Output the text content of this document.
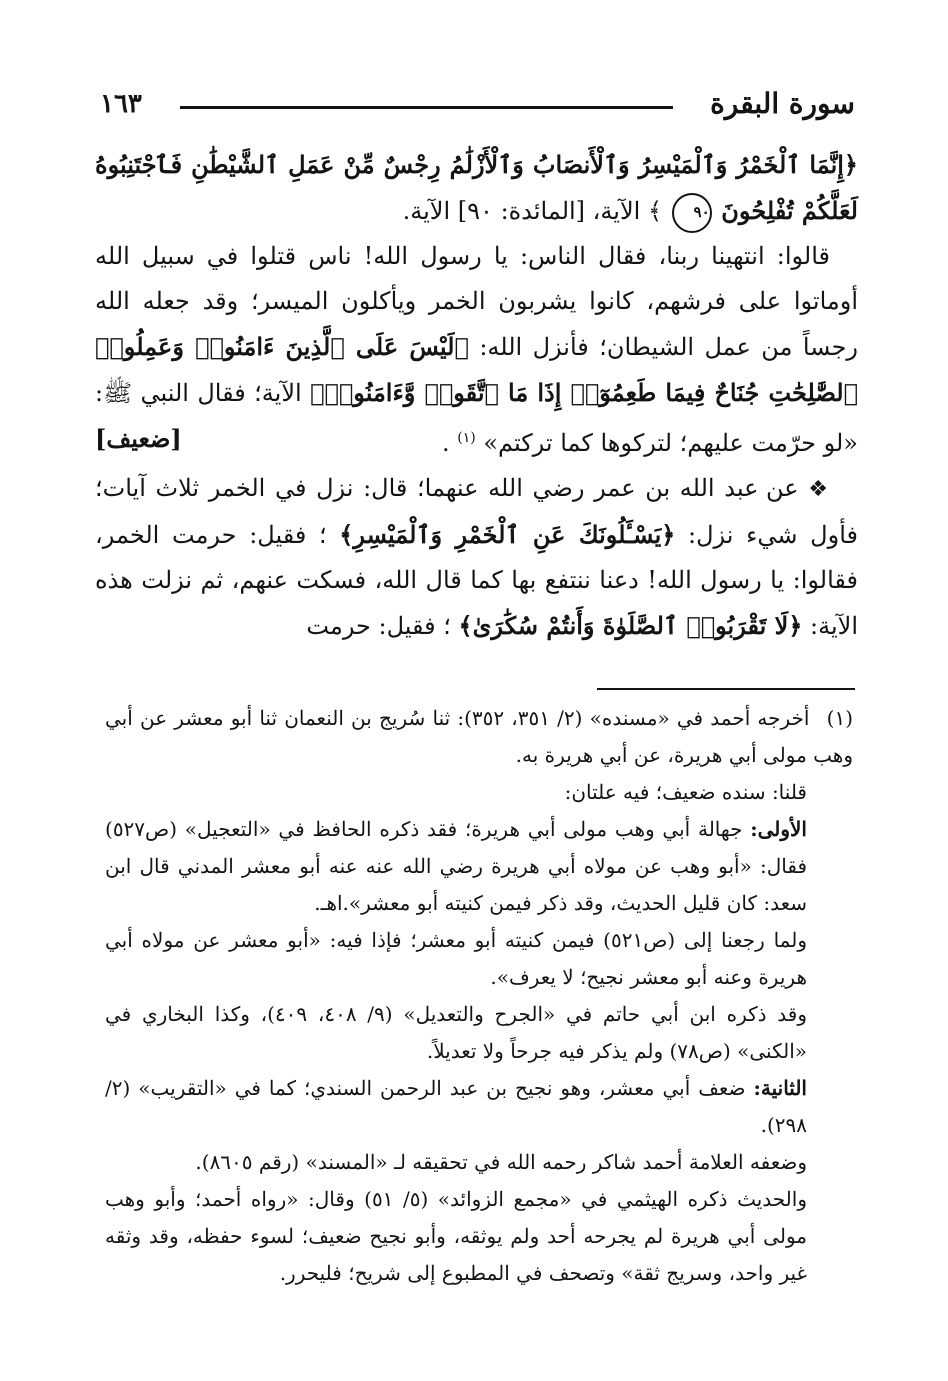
سورة البقرة
١٦٣

﴿إِنَّمَا ٱلْخَمْرُ وَٱلْمَيْسِرُ وَٱلْأَنصَابُ وَٱلْأَزْلَٰمُ رِجْسٌ مِّنْ عَمَلِ ٱلشَّيْطَٰنِ فَٱجْتَنِبُوهُ لَعَلَّكُمْ تُفْلِحُونَ ٩٠ ﴾ الآية، [المائدة: ٩٠] الآية.

قالوا: انتهينا ربنا، فقال الناس: يا رسول الله! ناس قتلوا في سبيل الله أوماتوا على فرشهم، كانوا يشربون الخمر ويأكلون الميسر؛ وقد جعله الله رجساً من عمل الشيطان؛ فأنزل الله: ﴿لَيْسَ عَلَى ٱلَّذِينَ ءَامَنُوا۟ وَعَمِلُوا۟ ٱلصَّٰلِحَٰتِ جُنَاحٌ فِيمَا طَعِمُوٓا۟ إِذَا مَا ٱتَّقَوا۟ وَّءَامَنُوا۟﴾ الآية؛ فقال النبي ﷺ: «لو حرّمت عليهم؛ لتركوها كما تركتم» $^{(١)}$ .
[ضعيف]

❖ عن عبد الله بن عمر رضي الله عنهما؛ قال: نزل في الخمر ثلاث آيات؛ فأول شيء نزل: ﴿يَسْـَٔلُونَكَ عَنِ ٱلْخَمْرِ وَٱلْمَيْسِرِ﴾ ؛ فقيل: حرمت الخمر، فقالوا: يا رسول الله! دعنا ننتفع بها كما قال الله، فسكت عنهم، ثم نزلت هذه الآية: ﴿لَا تَقْرَبُوا۟ ٱلصَّلَوٰةَ وَأَنتُمْ سُكَٰرَىٰ﴾ ؛ فقيل: حرمت

(١) أخرجه أحمد في «مسنده» (٢/ ٣٥١، ٣٥٢): ثنا سُريج بن النعمان ثنا أبو معشر عن أبي وهب مولى أبي هريرة، عن أبي هريرة به.

قلنا: سنده ضعيف؛ فيه علتان:

الأولى: جهالة أبي وهب مولى أبي هريرة؛ فقد ذكره الحافظ في «التعجيل» (ص٥٢٧) فقال: «أبو وهب عن مولاه أبي هريرة رضي الله عنه عنه أبو معشر المدني قال ابن سعد: كان قليل الحديث، وقد ذكر فيمن كنيته أبو معشر».اهـ.

ولما رجعنا إلى (ص٥٢١) فيمن كنيته أبو معشر؛ فإذا فيه: «أبو معشر عن مولاه أبي هريرة وعنه أبو معشر نجيح؛ لا يعرف».

وقد ذكره ابن أبي حاتم في «الجرح والتعديل» (٩/ ٤٠٨، ٤٠٩)، وكذا البخاري في «الكنى» (ص٧٨) ولم يذكر فيه جرحاً ولا تعديلاً.

الثانية: ضعف أبي معشر، وهو نجيح بن عبد الرحمن السندي؛ كما في «التقريب» (٢/ ٢٩٨).

وضعفه العلامة أحمد شاكر رحمه الله في تحقيقه لـ «المسند» (رقم ٨٦٠٥).

والحديث ذكره الهيثمي في «مجمع الزوائد» (٥/ ٥١) وقال: «رواه أحمد؛ وأبو وهب مولى أبي هريرة لم يجرحه أحد ولم يوثقه، وأبو نجيح ضعيف؛ لسوء حفظه، وقد وثقه غير واحد، وسريج ثقة» وتصحف في المطبوع إلى شريح؛ فليحرر.
